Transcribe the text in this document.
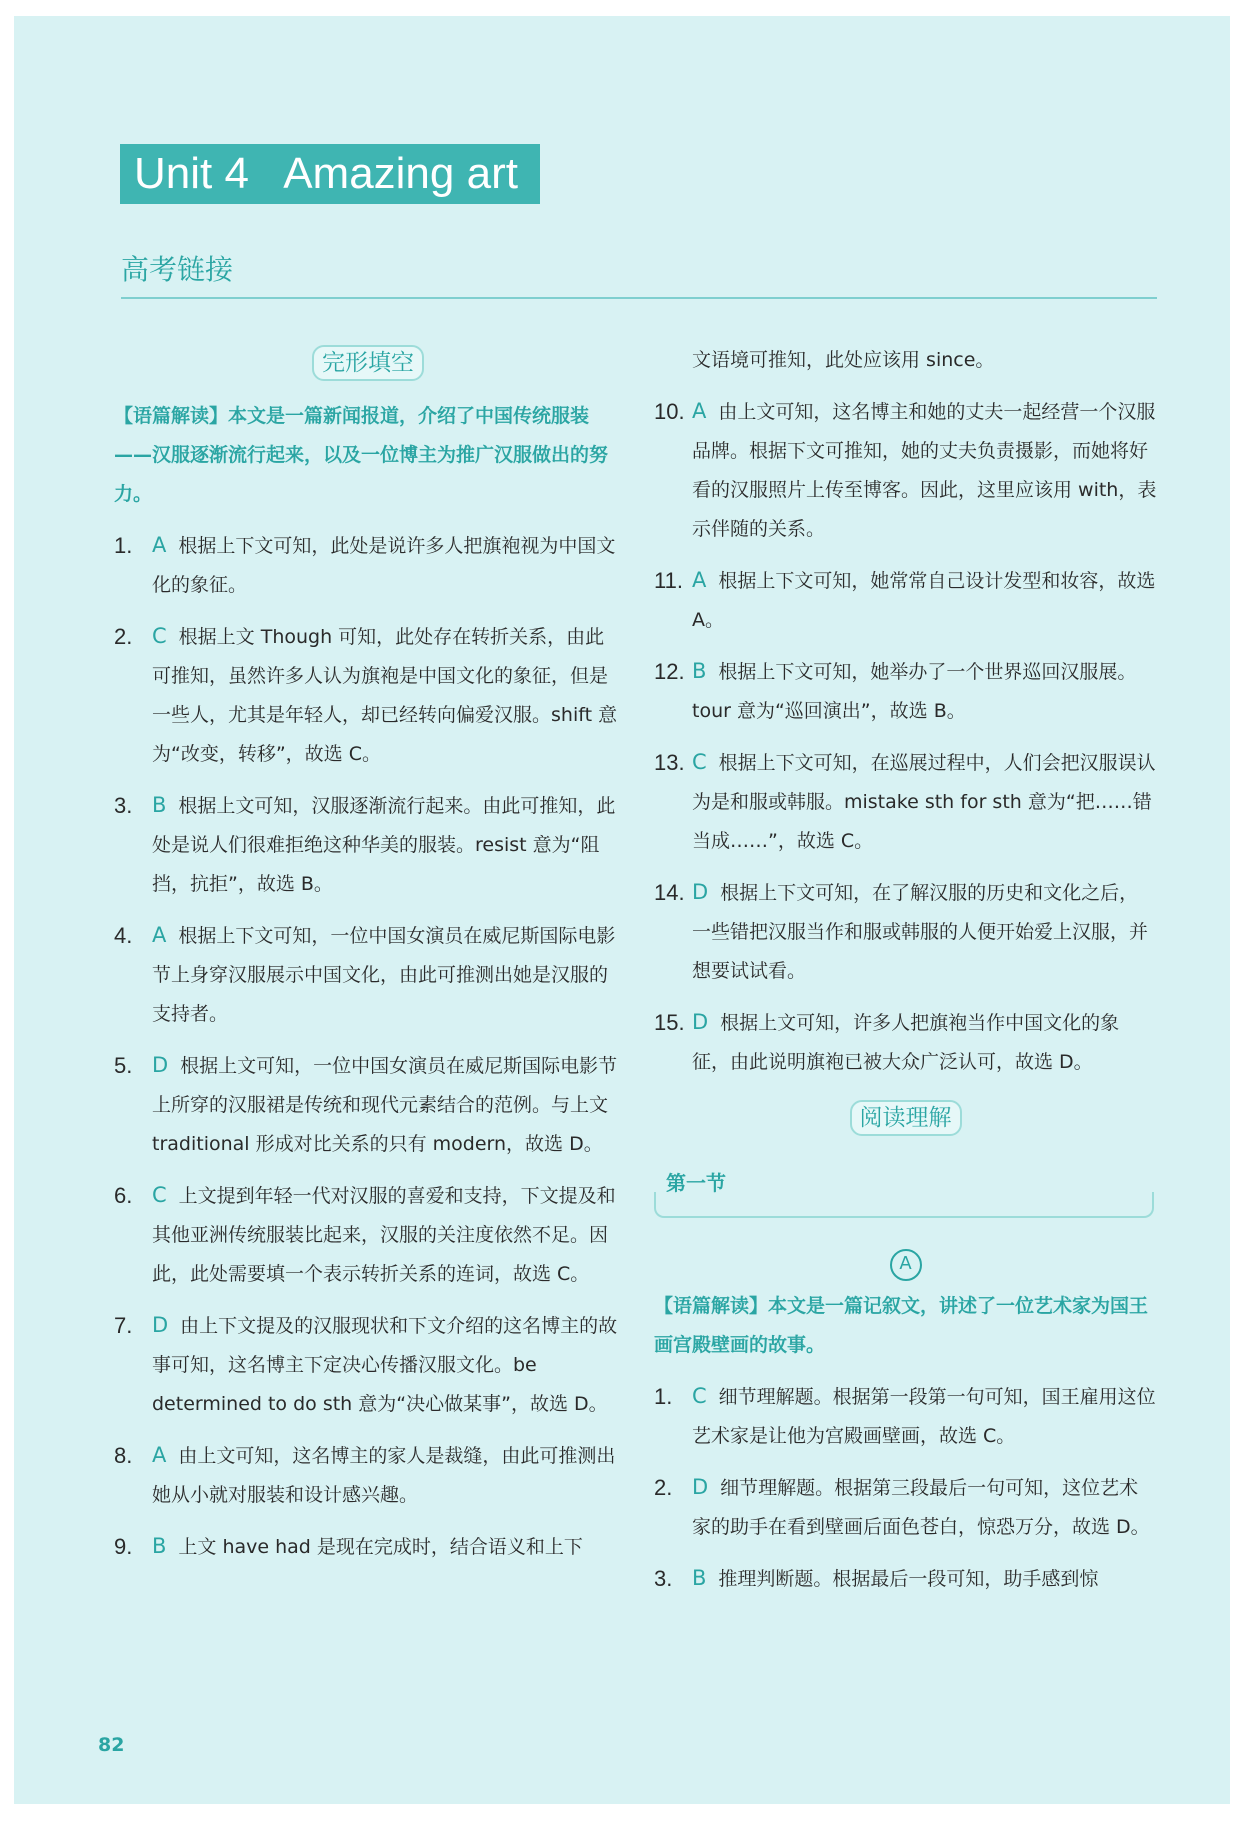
Unit 4   Amazing art
高考链接
完形填空
【语篇解读】本文是一篇新闻报道，介绍了中国传统服装——汉服逐渐流行起来，以及一位博主为推广汉服做出的努力。
1. A 根据上下文可知，此处是说许多人把旗袍视为中国文化的象征。
2. C 根据上文 Though 可知，此处存在转折关系，由此可推知，虽然许多人认为旗袍是中国文化的象征，但是一些人，尤其是年轻人，却已经转向偏爱汉服。shift 意为“改变，转移”，故选 C。
3. B 根据上文可知，汉服逐渐流行起来。由此可推知，此处是说人们很难拒绝这种华美的服装。resist 意为“阻挡，抗拒”，故选 B。
4. A 根据上下文可知，一位中国女演员在威尼斯国际电影节上身穿汉服展示中国文化，由此可推测出她是汉服的支持者。
5. D 根据上文可知，一位中国女演员在威尼斯国际电影节上所穿的汉服裙是传统和现代元素结合的范例。与上文 traditional 形成对比关系的只有 modern，故选 D。
6. C 上文提到年轻一代对汉服的喜爱和支持，下文提及和其他亚洲传统服装比起来，汉服的关注度依然不足。因此，此处需要填一个表示转折关系的连词，故选 C。
7. D 由上下文提及的汉服现状和下文介绍的这名博主的故事可知，这名博主下定决心传播汉服文化。be determined to do sth 意为“决心做某事”，故选 D。
8. A 由上文可知，这名博主的家人是裁缝，由此可推测出她从小就对服装和设计感兴趣。
9. B 上文 have had 是现在完成时，结合语义和上下
文语境可推知，此处应该用 since。
10. A 由上文可知，这名博主和她的丈夫一起经营一个汉服品牌。根据下文可推知，她的丈夫负责摄影，而她将好看的汉服照片上传至博客。因此，这里应该用 with，表示伴随的关系。
11. A 根据上下文可知，她常常自己设计发型和妆容，故选 A。
12. B 根据上下文可知，她举办了一个世界巡回汉服展。tour 意为“巡回演出”，故选 B。
13. C 根据上下文可知，在巡展过程中，人们会把汉服误认为是和服或韩服。mistake sth for sth 意为“把……错当成……”，故选 C。
14. D 根据上下文可知，在了解汉服的历史和文化之后，一些错把汉服当作和服或韩服的人便开始爱上汉服，并想要试试看。
15. D 根据上文可知，许多人把旗袍当作中国文化的象征，由此说明旗袍已被大众广泛认可，故选 D。
阅读理解
第一节
A
【语篇解读】本文是一篇记叙文，讲述了一位艺术家为国王画宫殿壁画的故事。
1. C 细节理解题。根据第一段第一句可知，国王雇用这位艺术家是让他为宫殿画壁画，故选 C。
2. D 细节理解题。根据第三段最后一句可知，这位艺术家的助手在看到壁画后面色苍白，惊恐万分，故选 D。
3. B 推理判断题。根据最后一段可知，助手感到惊
82
